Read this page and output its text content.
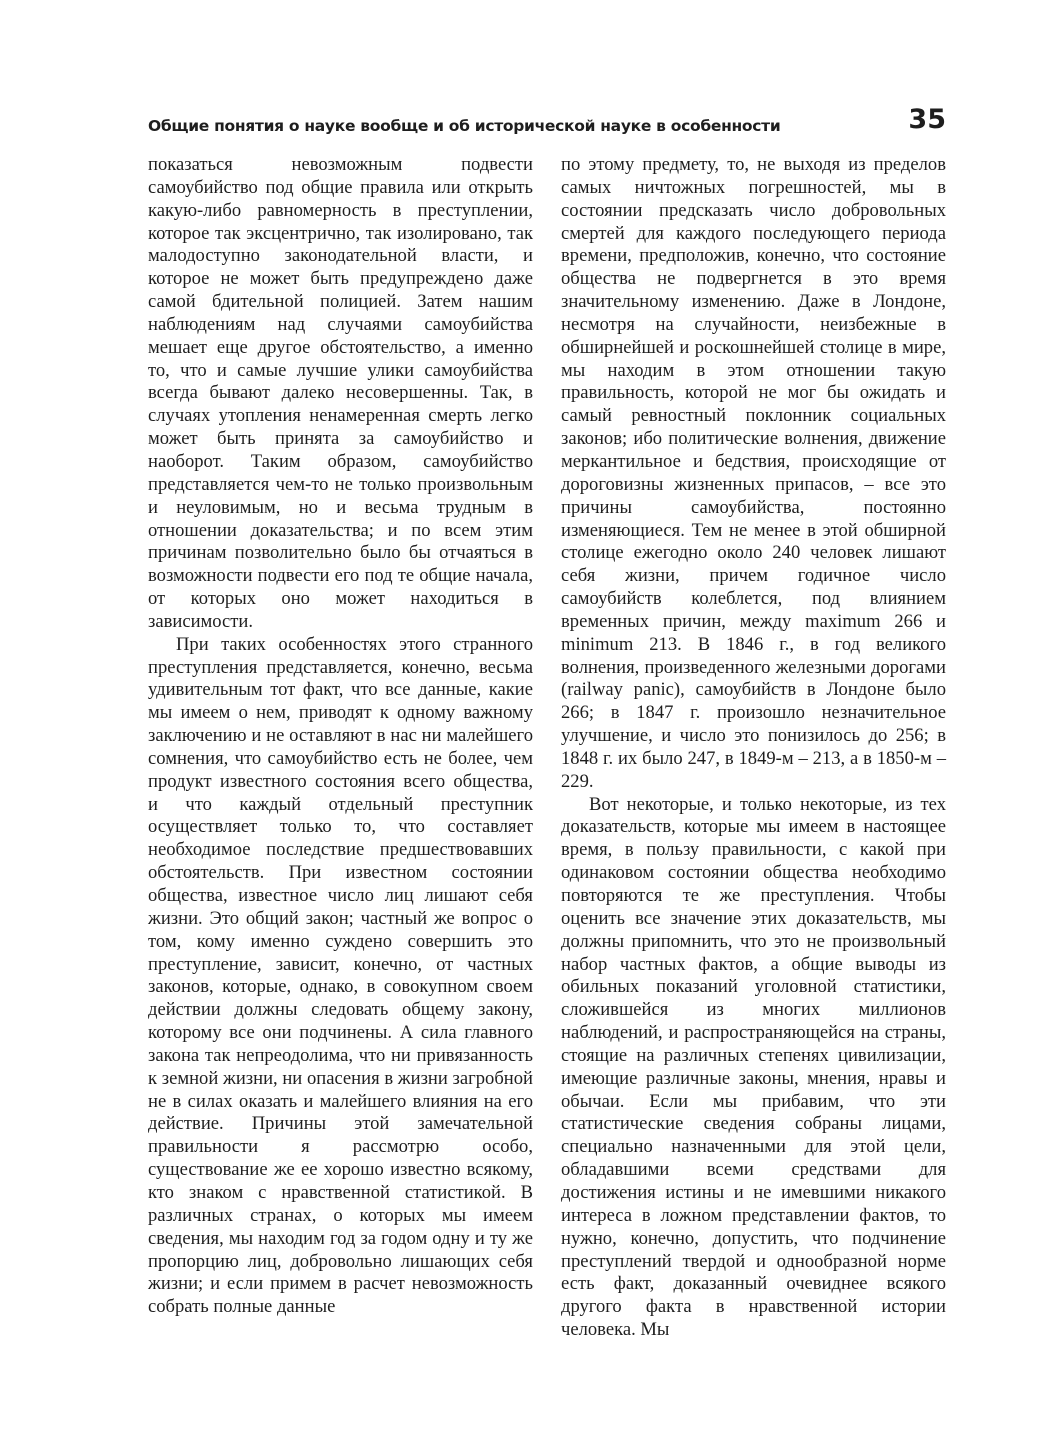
Общие понятия о науке вообще и об исторической науке в особенности	35

показаться невозможным подвести самоубийство под общие правила или открыть какую-либо равномерность в преступлении, которое так эксцентрично, так изолировано, так малодоступно законодательной власти, и которое не может быть предупреждено даже самой бдительной полицией. Затем нашим наблюдениям над случаями самоубийства мешает еще другое обстоятельство, а именно то, что и самые лучшие улики самоубийства всегда бывают далеко несовершенны. Так, в случаях утопления ненамеренная смерть легко может быть принята за самоубийство и наоборот. Таким образом, самоубийство представляется чем-то не только произвольным и неуловимым, но и весьма трудным в отношении доказательства; и по всем этим причинам позволительно было бы отчаяться в возможности подвести его под те общие начала, от которых оно может находиться в зависимости.

При таких особенностях этого странного преступления представляется, конечно, весьма удивительным тот факт, что все данные, какие мы имеем о нем, приводят к одному важному заключению и не оставляют в нас ни малейшего сомнения, что самоубийство есть не более, чем продукт известного состояния всего общества, и что каждый отдельный преступник осуществляет только то, что составляет необходимое последствие предшествовавших обстоятельств. При известном состоянии общества, известное число лиц лишают себя жизни. Это общий закон; частный же вопрос о том, кому именно суждено совершить это преступление, зависит, конечно, от частных законов, которые, однако, в совокупном своем действии должны следовать общему закону, которому все они подчинены. А сила главного закона так непреодолима, что ни привязанность к земной жизни, ни опасения в жизни загробной не в силах оказать и малейшего влияния на его действие. Причины этой замечательной правильности я рассмотрю особо, существование же ее хорошо известно всякому, кто знаком с нравственной статистикой. В различных странах, о которых мы имеем сведения, мы находим год за годом одну и ту же пропорцию лиц, добровольно лишающих себя жизни; и если примем в расчет невозможность собрать полные данные

по этому предмету, то, не выходя из пределов самых ничтожных погрешностей, мы в состоянии предсказать число добровольных смертей для каждого последующего периода времени, предположив, конечно, что состояние общества не подвергнется в это время значительному изменению. Даже в Лондоне, несмотря на случайности, неизбежные в обширнейшей и роскошнейшей столице в мире, мы находим в этом отношении такую правильность, которой не мог бы ожидать и самый ревностный поклонник социальных законов; ибо политические волнения, движение меркантильное и бедствия, происходящие от дороговизны жизненных припасов, – все это причины самоубийства, постоянно изменяющиеся. Тем не менее в этой обширной столице ежегодно около 240 человек лишают себя жизни, причем годичное число самоубийств колеблется, под влиянием временных причин, между maximum 266 и minimum 213. В 1846 г., в год великого волнения, произведенного железными дорогами (railway panic), самоубийств в Лондоне было 266; в 1847 г. произошло незначительное улучшение, и число это понизилось до 256; в 1848 г. их было 247, в 1849-м – 213, а в 1850-м – 229.

Вот некоторые, и только некоторые, из тех доказательств, которые мы имеем в настоящее время, в пользу правильности, с какой при одинаковом состоянии общества необходимо повторяются те же преступления. Чтобы оценить все значение этих доказательств, мы должны припомнить, что это не произвольный набор частных фактов, а общие выводы из обильных показаний уголовной статистики, сложившейся из многих миллионов наблюдений, и распространяющейся на страны, стоящие на различных степенях цивилизации, имеющие различные законы, мнения, нравы и обычаи. Если мы прибавим, что эти статистические сведения собраны лицами, специально назначенными для этой цели, обладавшими всеми средствами для достижения истины и не имевшими никакого интереса в ложном представлении фактов, то нужно, конечно, допустить, что подчинение преступлений твердой и однообразной норме есть факт, доказанный очевиднее всякого другого факта в нравственной истории человека. Мы
